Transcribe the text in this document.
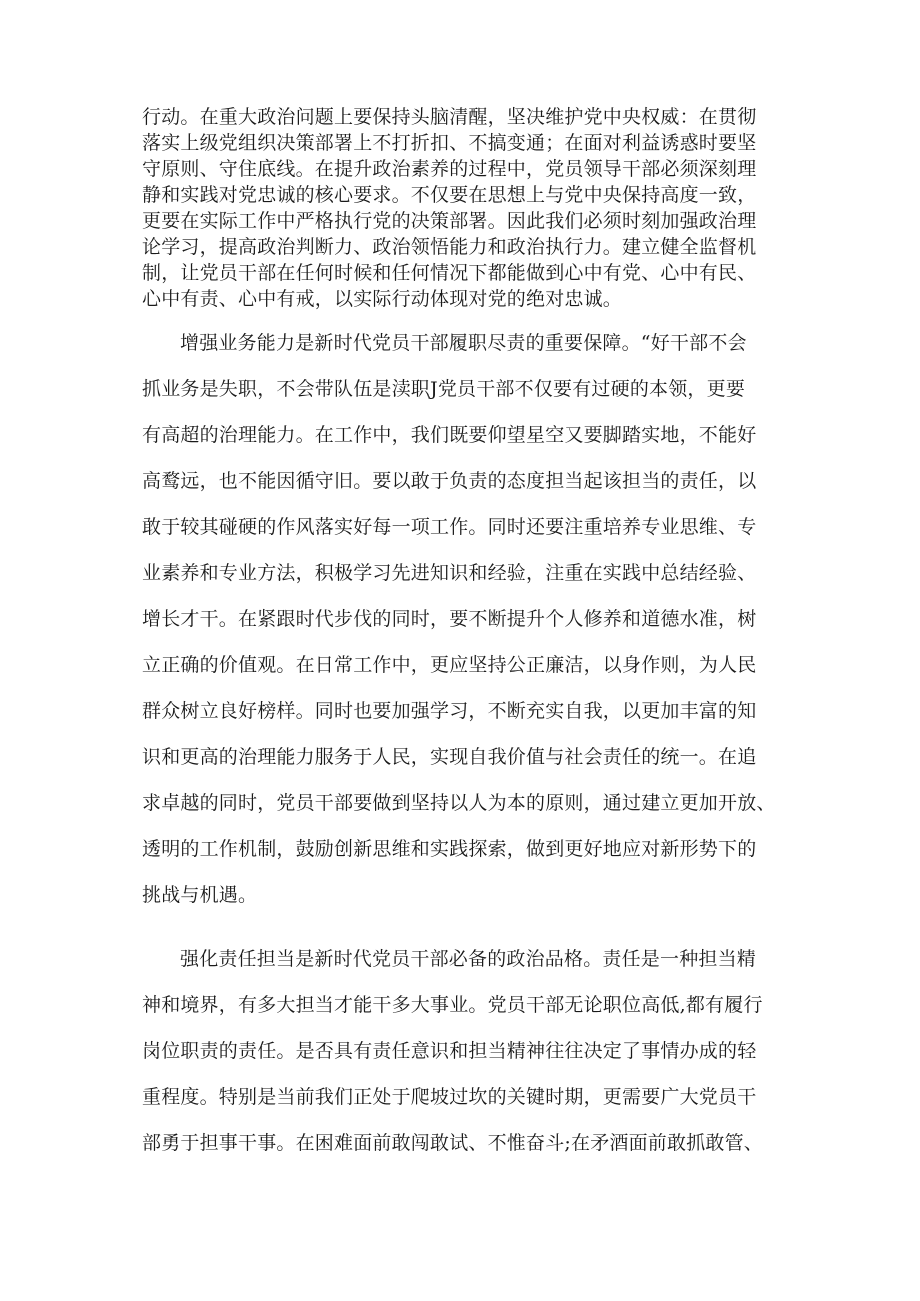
行动。在重大政治问题上要保持头脑清醒，坚决维护党中央权威：在贯彻
落实上级党组织决策部署上不打折扣、不搞变通；在面对利益诱惑时要坚
守原则、守住底线。在提升政治素养的过程中，党员领导干部必须深刻理
静和实践对党忠诚的核心要求。不仅要在思想上与党中央保持高度一致，
更要在实际工作中严格执行党的决策部署。因此我们必须时刻加强政治理
论学习，提高政治判断力、政治领悟能力和政治执行力。建立健全监督机
制，让党员干部在任何时候和任何情况下都能做到心中有党、心中有民、
心中有责、心中有戒，以实际行动体现对党的绝对忠诚。
增强业务能力是新时代党员干部履职尽责的重要保障。“好干部不会
抓业务是失职，不会带队伍是渎职J党员干部不仅要有过硬的本领，更要
有高超的治理能力。在工作中，我们既要仰望星空又要脚踏实地，不能好
高鹜远，也不能因循守旧。要以敢于负责的态度担当起该担当的责任，以
敢于较其碰硬的作风落实好每一项工作。同时还要注重培养专业思维、专
业素养和专业方法，积极学习先进知识和经验，注重在实践中总结经验、
增长才干。在紧跟时代步伐的同时，要不断提升个人修养和道德水准，树
立正确的价值观。在日常工作中，更应坚持公正廉洁，以身作则，为人民
群众树立良好榜样。同时也要加强学习，不断充实自我，以更加丰富的知
识和更高的治理能力服务于人民，实现自我价值与社会责任的统一。在追
求卓越的同时，党员干部要做到坚持以人为本的原则，通过建立更加开放、
透明的工作机制，鼓励创新思维和实践探索，做到更好地应对新形势下的
挑战与机遇。
强化责任担当是新时代党员干部必备的政治品格。责任是一种担当精
神和境界，有多大担当才能干多大事业。党员干部无论职位高低,都有履行
岗位职责的责任。是否具有责任意识和担当精神往往决定了事情办成的轻
重程度。特别是当前我们正处于爬坡过坎的关键时期，更需要广大党员干
部勇于担事干事。在困难面前敢闯敢试、不惟奋斗;在矛酒面前敢抓敢管、
